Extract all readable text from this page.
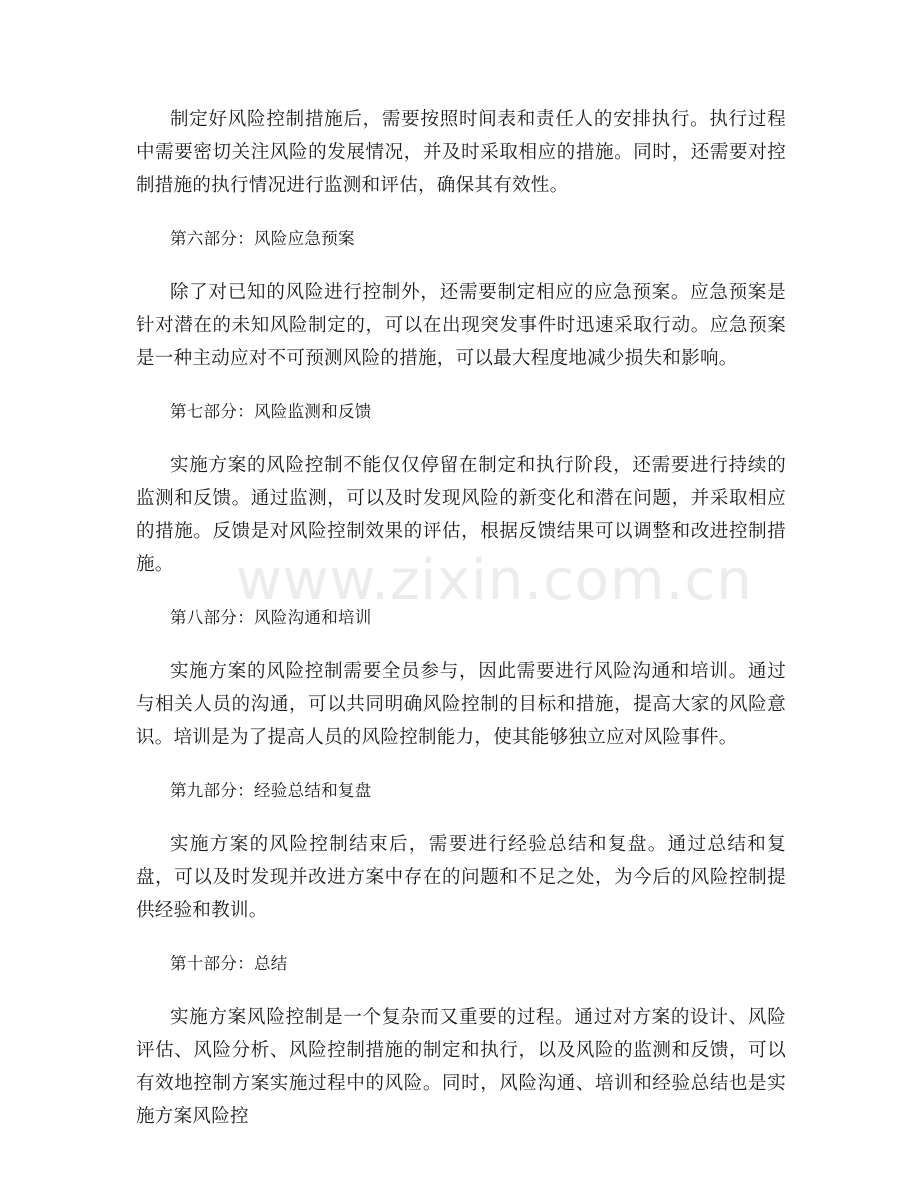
制定好风险控制措施后，需要按照时间表和责任人的安排执行。执行过程中需要密切关注风险的发展情况，并及时采取相应的措施。同时，还需要对控制措施的执行情况进行监测和评估，确保其有效性。

第六部分：风险应急预案

除了对已知的风险进行控制外，还需要制定相应的应急预案。应急预案是针对潜在的未知风险制定的，可以在出现突发事件时迅速采取行动。应急预案是一种主动应对不可预测风险的措施，可以最大程度地减少损失和影响。

第七部分：风险监测和反馈

实施方案的风险控制不能仅仅停留在制定和执行阶段，还需要进行持续的监测和反馈。通过监测，可以及时发现风险的新变化和潜在问题，并采取相应的措施。反馈是对风险控制效果的评估，根据反馈结果可以调整和改进控制措施。

第八部分：风险沟通和培训

实施方案的风险控制需要全员参与，因此需要进行风险沟通和培训。通过与相关人员的沟通，可以共同明确风险控制的目标和措施，提高大家的风险意识。培训是为了提高人员的风险控制能力，使其能够独立应对风险事件。

第九部分：经验总结和复盘

实施方案的风险控制结束后，需要进行经验总结和复盘。通过总结和复盘，可以及时发现并改进方案中存在的问题和不足之处，为今后的风险控制提供经验和教训。

第十部分：总结

实施方案风险控制是一个复杂而又重要的过程。通过对方案的设计、风险评估、风险分析、风险控制措施的制定和执行，以及风险的监测和反馈，可以有效地控制方案实施过程中的风险。同时，风险沟通、培训和经验总结也是实施方案风险控

www.zixin.com.cn
